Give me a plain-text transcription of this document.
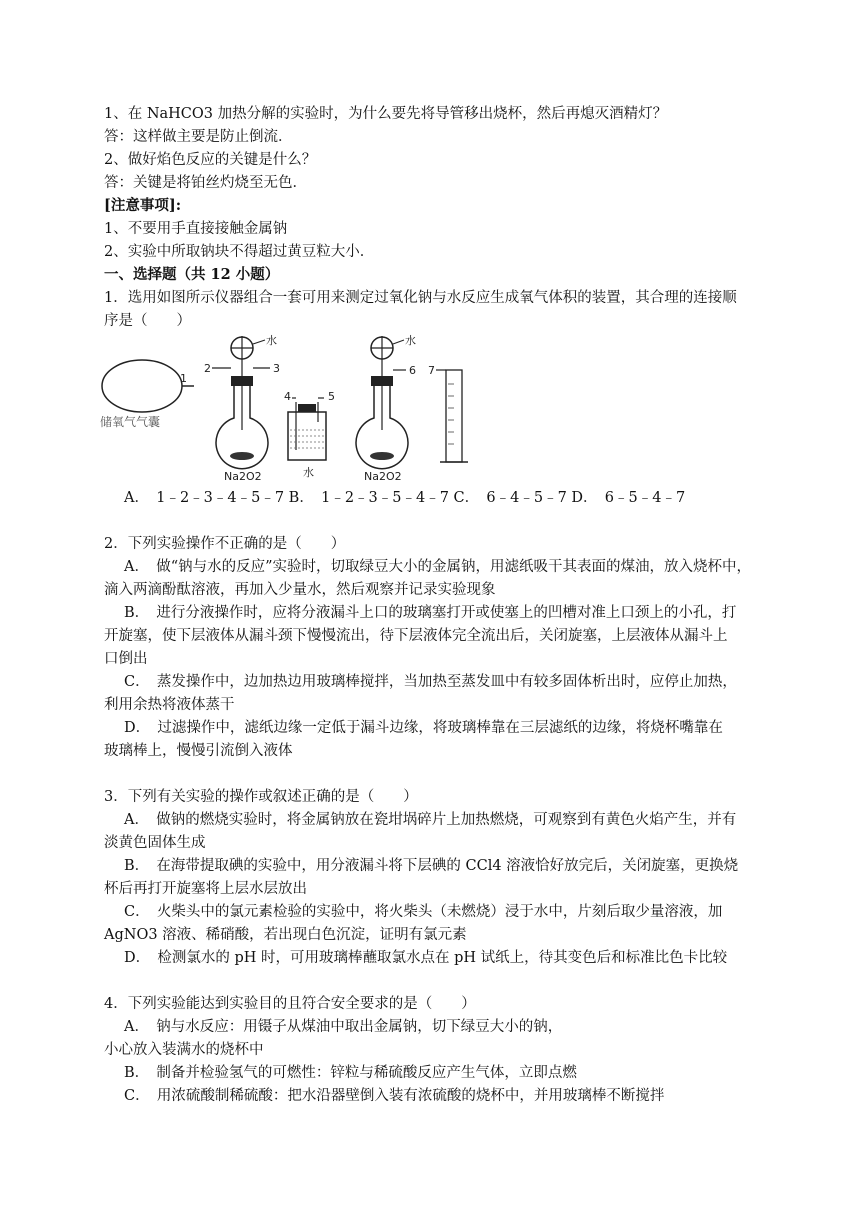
1、在 NaHCO3 加热分解的实验时，为什么要先将导管移出烧杯，然后再熄灭酒精灯？
答：这样做主要是防止倒流．
2、做好焰色反应的关键是什么？
答：关键是将铂丝灼烧至无色．
[注意事项]:
1、不要用手直接接触金属钠
2、实验中所取钠块不得超过黄豆粒大小．
一、选择题（共 12 小题）
1．选用如图所示仪器组合一套可用来测定过氧化钠与水反应生成氧气体积的装置，其合理的连接顺
序是（　　）
储氧气气囊
1
水
2	3
Na2O2
4	5
水
水
6
Na2O2
7
A．　1﹣2﹣3﹣4﹣5﹣7 B．　1﹣2﹣3﹣5﹣4﹣7 C．　6﹣4﹣5﹣7 D．　6﹣5﹣4﹣7
2．下列实验操作不正确的是（　　）
A．　做“钠与水的反应”实验时，切取绿豆大小的金属钠，用滤纸吸干其表面的煤油，放入烧杯中，
滴入两滴酚酞溶液，再加入少量水，然后观察并记录实验现象
B．　进行分液操作时，应将分液漏斗上口的玻璃塞打开或使塞上的凹槽对准上口颈上的小孔，打
开旋塞，使下层液体从漏斗颈下慢慢流出，待下层液体完全流出后，关闭旋塞，上层液体从漏斗上
口倒出
C．　蒸发操作中，边加热边用玻璃棒搅拌，当加热至蒸发皿中有较多固体析出时，应停止加热，
利用余热将液体蒸干
D．　过滤操作中，滤纸边缘一定低于漏斗边缘，将玻璃棒靠在三层滤纸的边缘，将烧杯嘴靠在
玻璃棒上，慢慢引流倒入液体
3．下列有关实验的操作或叙述正确的是（　　）
A．　做钠的燃烧实验时，将金属钠放在瓷坩埚碎片上加热燃烧，可观察到有黄色火焰产生，并有
淡黄色固体生成
B．　在海带提取碘的实验中，用分液漏斗将下层碘的 CCl4 溶液恰好放完后，关闭旋塞，更换烧
杯后再打开旋塞将上层水层放出
C．　火柴头中的氯元素检验的实验中，将火柴头（未燃烧）浸于水中，片刻后取少量溶液，加
AgNO3 溶液、稀硝酸，若出现白色沉淀，证明有氯元素
D．　检测氯水的 pH 时，可用玻璃棒蘸取氯水点在 pH 试纸上，待其变色后和标准比色卡比较
4．下列实验能达到实验目的且符合安全要求的是（　　）
A．　钠与水反应：用镊子从煤油中取出金属钠，切下绿豆大小的钠，
小心放入装满水的烧杯中
B．　制备并检验氢气的可燃性：锌粒与稀硫酸反应产生气体，立即点燃
C．　用浓硫酸制稀硫酸：把水沿器壁倒入装有浓硫酸的烧杯中，并用玻璃棒不断搅拌
